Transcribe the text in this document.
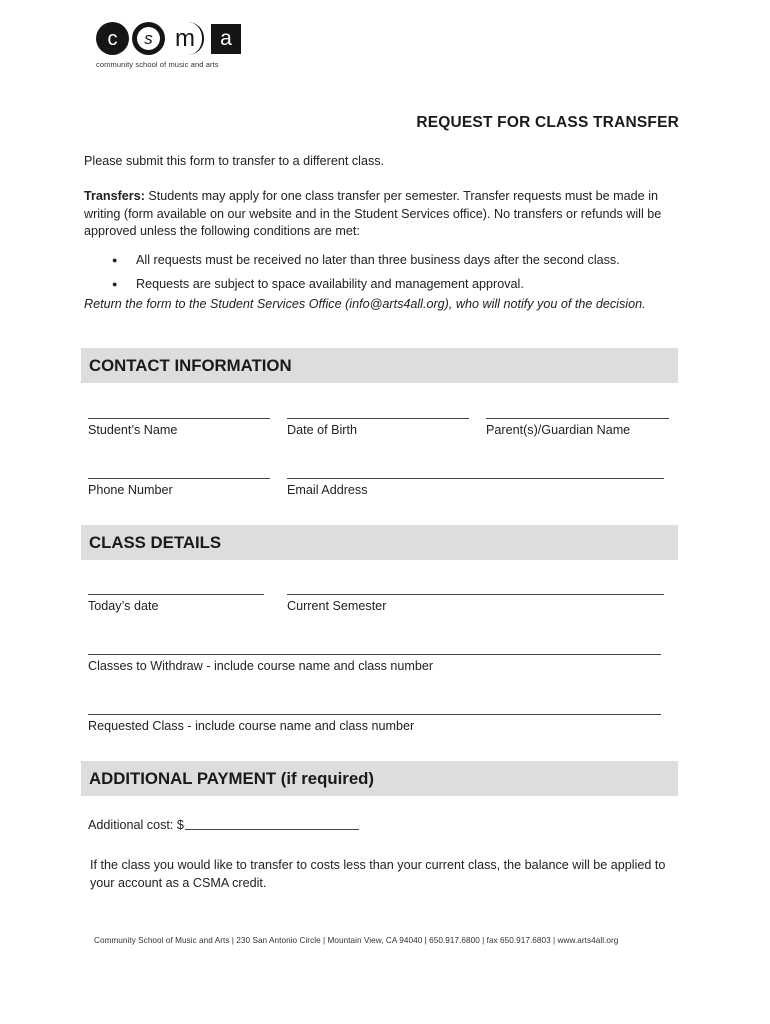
c	s m	a
community school of music and arts
REQUEST FOR CLASS TRANSFER

Please submit this form to transfer to a different class.

Transfers: Students may apply for one class transfer per semester. Transfer requests must be made in writing (form available on our website and in the Student Services office). No transfers or refunds will be approved unless the following conditions are met:

● All requests must be received no later than three business days after the second class.
● Requests are subject to space availability and management approval.

Return the form to the Student Services Office (info@arts4all.org), who will notify you of the decision.

CONTACT INFORMATION
Student’s Name	Date of Birth	Parent(s)/Guardian Name
Phone Number	Email Address
CLASS DETAILS
Today’s date	Current Semester
Classes to Withdraw - include course name and class number
Requested Class - include course name and class number
ADDITIONAL PAYMENT (if required)
Additional cost: $

If the class you would like to transfer to costs less than your current class, the balance will be applied to your account as a CSMA credit.

Community School of Music and Arts | 230 San Antonio Circle | Mountain View, CA 94040 | 650.917.6800 | fax 650.917.6803 | www.arts4all.org
